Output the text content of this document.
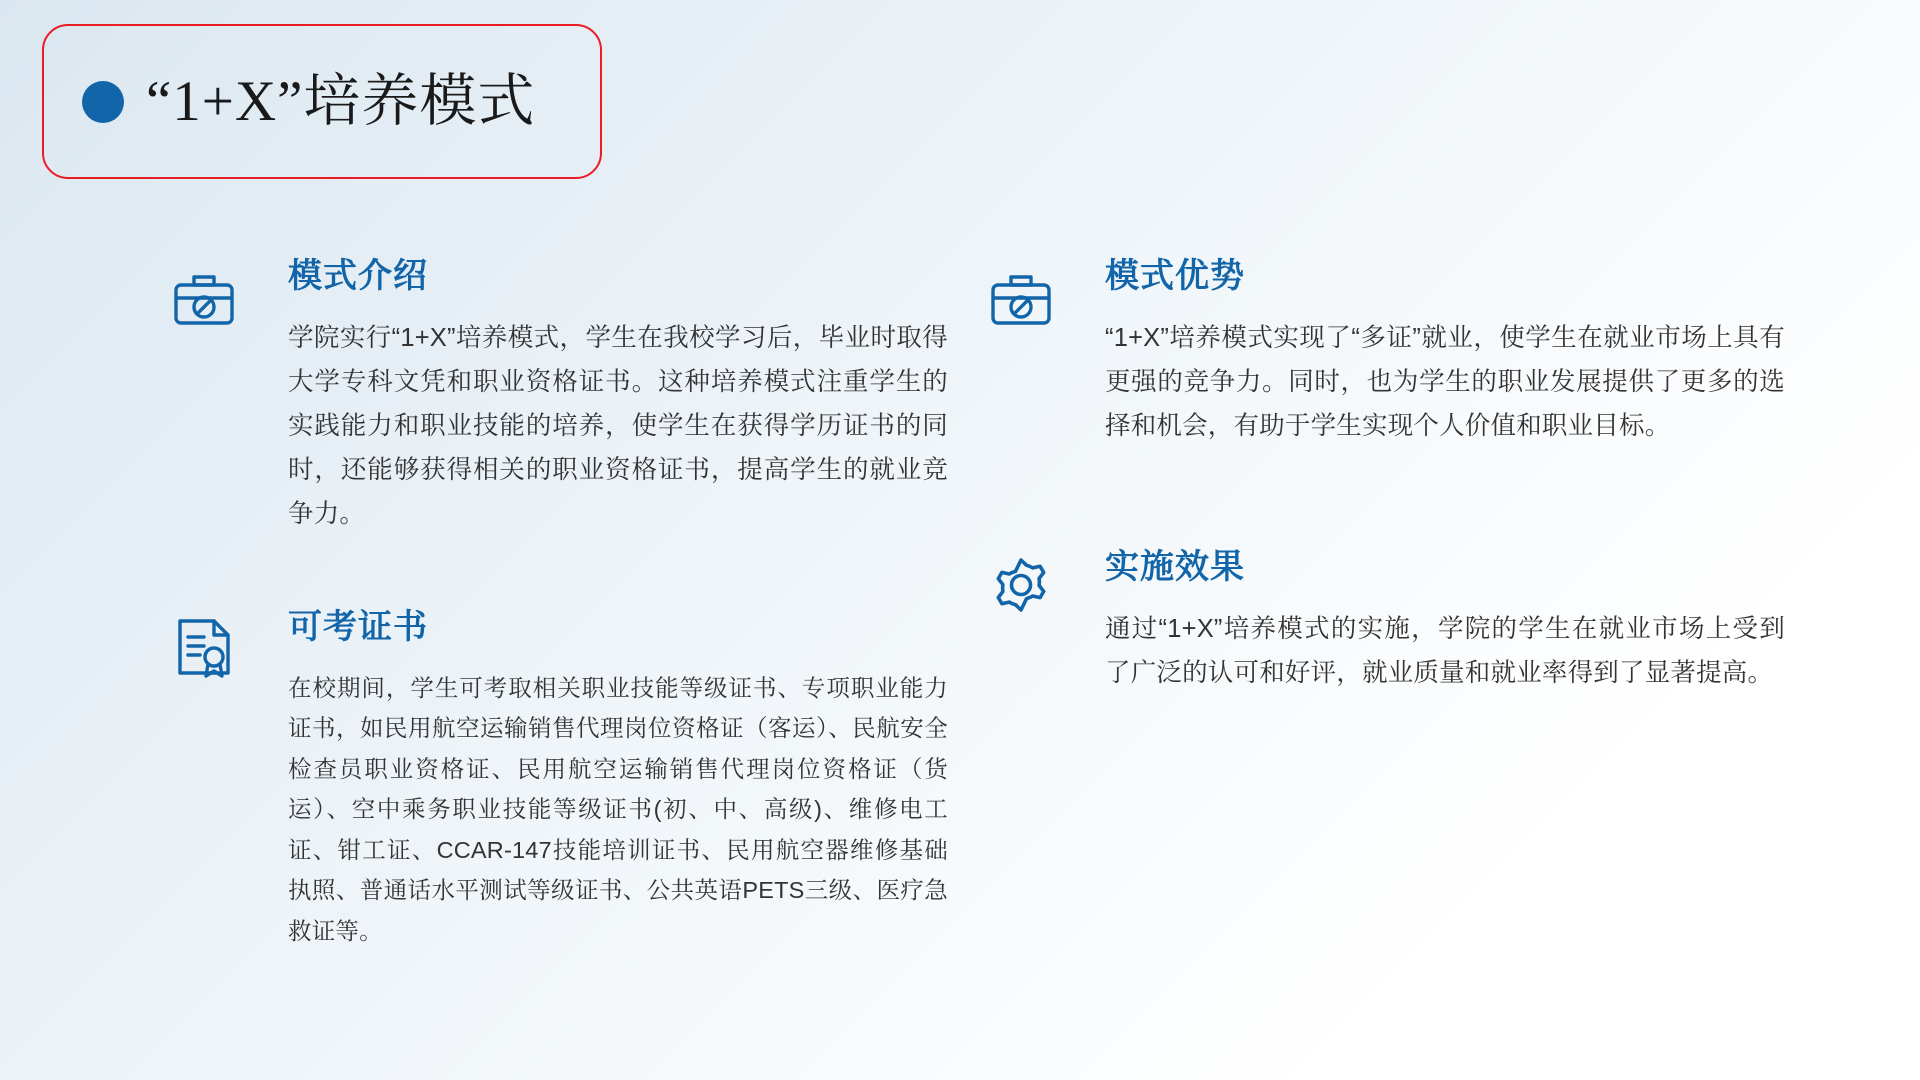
“1+X”培养模式
模式介绍
学院实行“1+X”培养模式，学生在我校学习后，毕业时取得大学专科文凭和职业资格证书。这种培养模式注重学生的实践能力和职业技能的培养，使学生在获得学历证书的同时，还能够获得相关的职业资格证书，提高学生的就业竞争力。
可考证书
在校期间，学生可考取相关职业技能等级证书、专项职业能力证书，如民用航空运输销售代理岗位资格证（客运）、民航安全检查员职业资格证、民用航空运输销售代理岗位资格证（货运）、空中乘务职业技能等级证书(初、中、高级)、维修电工证、钳工证、CCAR-147技能培训证书、民用航空器维修基础执照、普通话水平测试等级证书、公共英语PETS三级、医疗急救证等。
模式优势
“1+X”培养模式实现了“多证”就业，使学生在就业市场上具有更强的竞争力。同时，也为学生的职业发展提供了更多的选择和机会，有助于学生实现个人价值和职业目标。
实施效果
通过“1+X”培养模式的实施，学院的学生在就业市场上受到了广泛的认可和好评，就业质量和就业率得到了显著提高。
